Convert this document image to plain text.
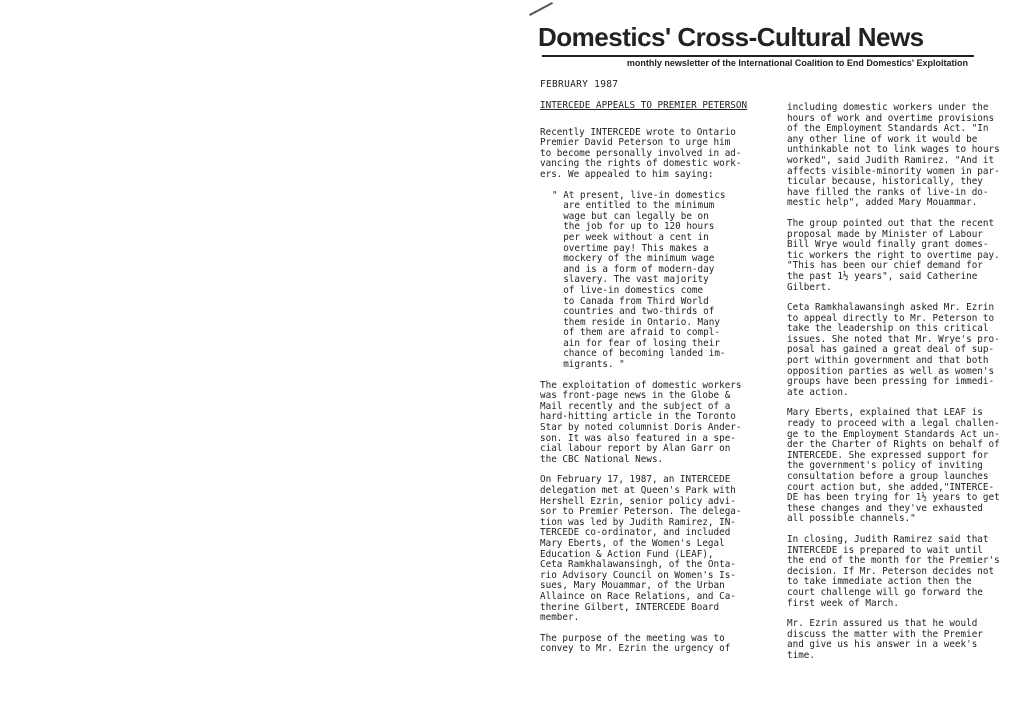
Domestics' Cross-Cultural News
monthly newsletter of the International Coalition to End Domestics' Exploitation
FEBRUARY 1987

INTERCEDE APPEALS TO PREMIER PETERSON

Recently INTERCEDE wrote to Ontario
Premier David Peterson to urge him
to become personally involved in ad-
vancing the rights of domestic work-
ers. We appealed to him saying:

" At present, live-in domestics
are entitled to the minimum
wage but can legally be on
the job for up to 120 hours
per week without a cent in
overtime pay! This makes a
mockery of the minimum wage
and is a form of modern-day
slavery. The vast majority
of live-in domestics come
to Canada from Third World
countries and two-thirds of
them reside in Ontario. Many
of them are afraid to compl-
ain for fear of losing their
chance of becoming landed im-
migrants. "

The exploitation of domestic workers
was front-page news in the Globe &
Mail recently and the subject of a
hard-hitting article in the Toronto
Star by noted columnist Doris Ander-
son. It was also featured in a spe-
cial labour report by Alan Garr on
the CBC National News.

On February 17, 1987, an INTERCEDE
delegation met at Queen's Park with
Hershell Ezrin, senior policy advi-
sor to Premier Peterson. The delega-
tion was led by Judith Ramirez, IN-
TERCEDE co-ordinator, and included
Mary Eberts, of the Women's Legal
Education & Action Fund (LEAF),
Ceta Ramkhalawansingh, of the Onta-
rio Advisory Council on Women's Is-
sues, Mary Mouammar, of the Urban
Allaince on Race Relations, and Ca-
therine Gilbert, INTERCEDE Board
member.

The purpose of the meeting was to
convey to Mr. Ezrin the urgency of

including domestic workers under the
hours of work and overtime provisions
of the Employment Standards Act. "In
any other line of work it would be
unthinkable not to link wages to hours
worked", said Judith Ramirez. "And it
affects visible-minority women in par-
ticular because, historically, they
have filled the ranks of live-in do-
mestic help", added Mary Mouammar.

The group pointed out that the recent
proposal made by Minister of Labour
Bill Wrye would finally grant domes-
tic workers the right to overtime pay.
"This has been our chief demand for
the past 1½ years", said Catherine
Gilbert.

Ceta Ramkhalawansingh asked Mr. Ezrin
to appeal directly to Mr. Peterson to
take the leadership on this critical
issues. She noted that Mr. Wrye's pro-
posal has gained a great deal of sup-
port within government and that both
opposition parties as well as women's
groups have been pressing for immedi-
ate action.

Mary Eberts, explained that LEAF is
ready to proceed with a legal challen-
ge to the Employment Standards Act un-
der the Charter of Rights on behalf of
INTERCEDE. She expressed support for
the government's policy of inviting
consultation before a group launches
court action but, she added,"INTERCE-
DE has been trying for 1½ years to get
these changes and they've exhausted
all possible channels."

In closing, Judith Ramirez said that
INTERCEDE is prepared to wait until
the end of the month for the Premier's
decision. If Mr. Peterson decides not
to take immediate action then the
court challenge will go forward the
first week of March.

Mr. Ezrin assured us that he would
discuss the matter with the Premier
and give us his answer in a week's
time.
